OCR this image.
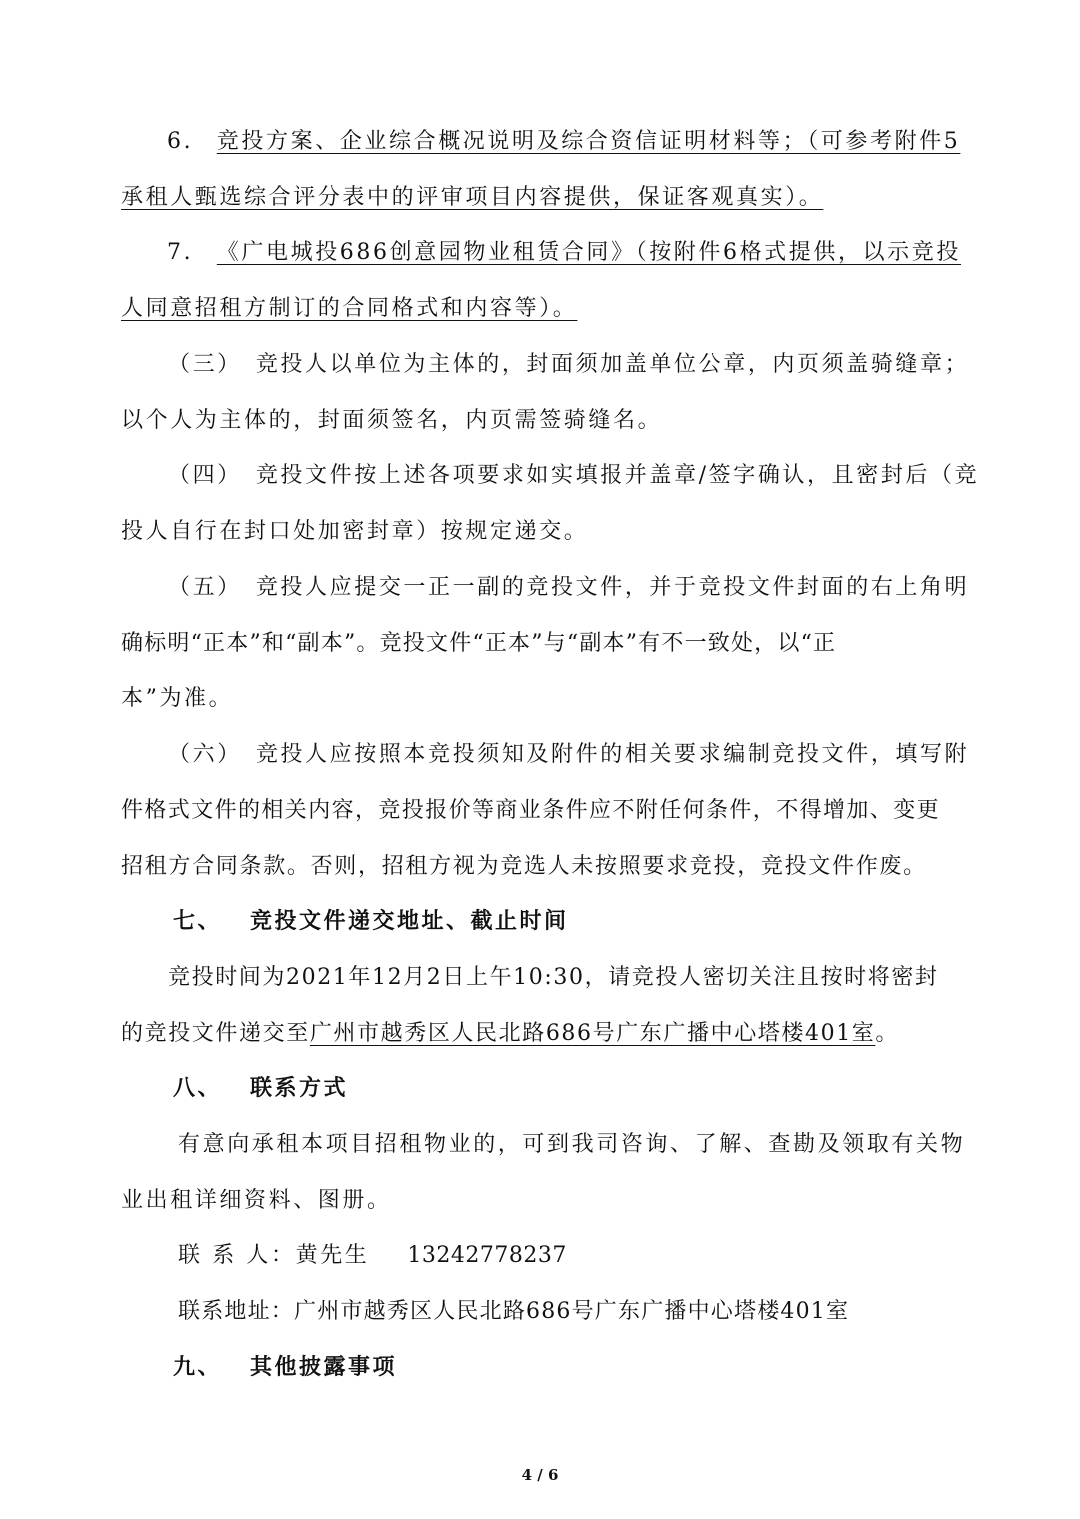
6. 竞投方案、企业综合概况说明及综合资信证明材料等；（可参考附件5
承租人甄选综合评分表中的评审项目内容提供，保证客观真实）。
7. 《广电城投686创意园物业租赁合同》（按附件6格式提供，以示竞投
人同意招租方制订的合同格式和内容等）。
（三） 竞投人以单位为主体的，封面须加盖单位公章，内页须盖骑缝章；
以个人为主体的，封面须签名，内页需签骑缝名。
（四） 竞投文件按上述各项要求如实填报并盖章/签字确认，且密封后（竞
投人自行在封口处加密封章）按规定递交。
（五） 竞投人应提交一正一副的竞投文件，并于竞投文件封面的右上角明
确标明“正本”和“副本”。竞投文件“正本”与“副本”有不一致处，以“正
本”为准。
（六） 竞投人应按照本竞投须知及附件的相关要求编制竞投文件，填写附
件格式文件的相关内容，竞投报价等商业条件应不附任何条件，不得增加、变更
招租方合同条款。否则，招租方视为竞选人未按照要求竞投，竞投文件作废。
七、 竞投文件递交地址、截止时间
竞投时间为2021年12月2日上午10:30，请竞投人密切关注且按时将密封
的竞投文件递交至广州市越秀区人民北路686号广东广播中心塔楼401室。
八、 联系方式
有意向承租本项目招租物业的，可到我司咨询、了解、查勘及领取有关物
业出租详细资料、图册。
联 系 人：黄先生 13242778237
联系地址：广州市越秀区人民北路686号广东广播中心塔楼401室
九、 其他披露事项
4 / 6
